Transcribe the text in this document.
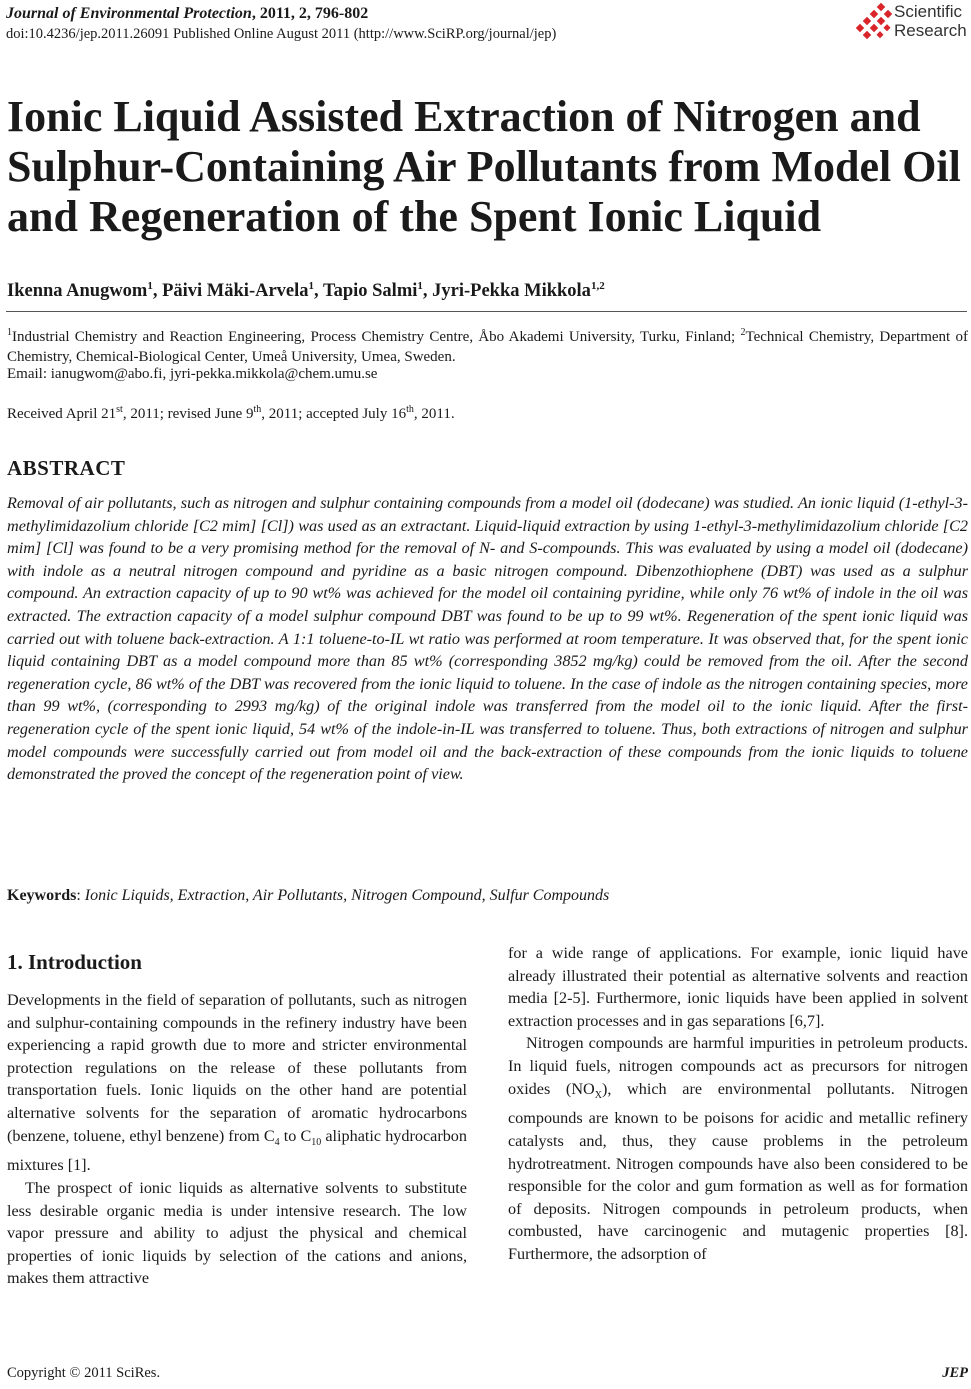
Journal of Environmental Protection, 2011, 2, 796-802
doi:10.4236/jep.2011.26091 Published Online August 2011 (http://www.SciRP.org/journal/jep)
Scientific
Research
Ionic Liquid Assisted Extraction of Nitrogen and Sulphur-Containing Air Pollutants from Model Oil and Regeneration of the Spent Ionic Liquid
Ikenna Anugwom$^1$, Päivi Mäki-Arvela$^1$, Tapio Salmi$^1$, Jyri-Pekka Mikkola$^{1,2}$
$^1$Industrial Chemistry and Reaction Engineering, Process Chemistry Centre, Åbo Akademi University, Turku, Finland; $^2$Technical Chemistry, Department of Chemistry, Chemical-Biological Center, Umeå University, Umea, Sweden.
Email: ianugwom@abo.fi, jyri-pekka.mikkola@chem.umu.se
Received April 21st, 2011; revised June 9th, 2011; accepted July 16th, 2011.
ABSTRACT

Removal of air pollutants, such as nitrogen and sulphur containing compounds from a model oil (dodecane) was studied. An ionic liquid (1-ethyl-3-methylimidazolium chloride [C2 mim] [Cl]) was used as an extractant. Liquid-liquid extraction by using 1-ethyl-3-methylimidazolium chloride [C2 mim] [Cl] was found to be a very promising method for the removal of N- and S-compounds. This was evaluated by using a model oil (dodecane) with indole as a neutral nitrogen compound and pyridine as a basic nitrogen compound. Dibenzothiophene (DBT) was used as a sulphur compound. An extraction capacity of up to 90 wt% was achieved for the model oil containing pyridine, while only 76 wt% of indole in the oil was extracted. The extraction capacity of a model sulphur compound DBT was found to be up to 99 wt%. Regeneration of the spent ionic liquid was carried out with toluene back-extraction. A 1:1 toluene-to-IL wt ratio was performed at room temperature. It was observed that, for the spent ionic liquid containing DBT as a model compound more than 85 wt% (corresponding 3852 mg/kg) could be removed from the oil. After the second regeneration cycle, 86 wt% of the DBT was recovered from the ionic liquid to toluene. In the case of indole as the nitrogen containing species, more than 99 wt%, (corresponding to 2993 mg/kg) of the original indole was transferred from the model oil to the ionic liquid. After the first-regeneration cycle of the spent ionic liquid, 54 wt% of the indole-in-IL was transferred to toluene. Thus, both extractions of nitrogen and sulphur model compounds were successfully carried out from model oil and the back-extraction of these compounds from the ionic liquids to toluene demonstrated the proved the concept of the regeneration point of view.

Keywords: Ionic Liquids, Extraction, Air Pollutants, Nitrogen Compound, Sulfur Compounds
1. Introduction

Developments in the field of separation of pollutants, such as nitrogen and sulphur-containing compounds in the refinery industry have been experiencing a rapid growth due to more and stricter environmental protection regulations on the release of these pollutants from transportation fuels. Ionic liquids on the other hand are potential alternative solvents for the separation of aromatic hydrocarbons (benzene, toluene, ethyl benzene) from $C_4$ to $C_{10}$ aliphatic hydrocarbon mixtures [1].

The prospect of ionic liquids as alternative solvents to substitute less desirable organic media is under intensive research. The low vapor pressure and ability to adjust the physical and chemical properties of ionic liquids by selection of the cations and anions, makes them attractive

for a wide range of applications. For example, ionic liquid have already illustrated their potential as alternative solvents and reaction media [2-5]. Furthermore, ionic liquids have been applied in solvent extraction processes and in gas separations [6,7].

Nitrogen compounds are harmful impurities in petroleum products. In liquid fuels, nitrogen compounds act as precursors for nitrogen oxides $(NO_X)$, which are environmental pollutants. Nitrogen compounds are known to be poisons for acidic and metallic refinery catalysts and, thus, they cause problems in the petroleum hydrotreatment. Nitrogen compounds have also been considered to be responsible for the color and gum formation as well as for formation of deposits. Nitrogen compounds in petroleum products, when combusted, have carcinogenic and mutagenic properties [8]. Furthermore, the adsorption of

Copyright © 2011 SciRes.	JEP
